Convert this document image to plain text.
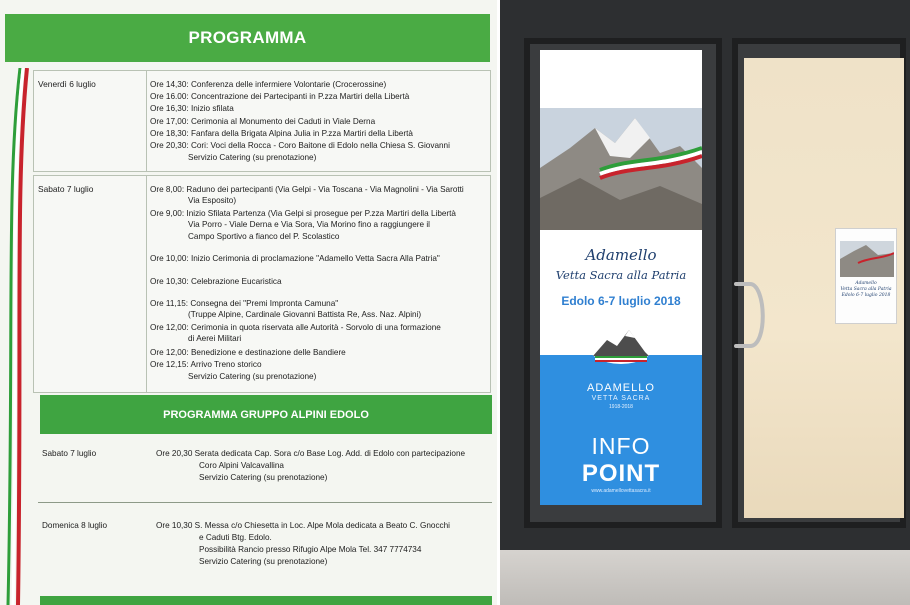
PROGRAMMA
Venerdì 6 luglio	Ore 14,30: Conferenza delle infermiere Volontarie (Crocerossine)
Ore 16.00: Concentrazione dei Partecipanti in P.zza Martiri della Libertà
Ore 16,30: Inizio sfilata
Ore 17,00: Cerimonia al Monumento dei Caduti in Viale Derna
Ore 18,30: Fanfara della Brigata Alpina Julia in P.zza Martiri della Libertà
Ore 20,30: Cori: Voci della Rocca - Coro Baitone di Edolo nella Chiesa S. Giovanni
Servizio Catering (su prenotazione)
Sabato 7 luglio	Ore 8,00: Raduno dei partecipanti (Via Gelpi - Via Toscana - Via Magnolini - Via Sarotti
Via Esposito)
Ore 9,00: Inizio Sfilata Partenza (Via Gelpi si prosegue per P.zza Martiri della Libertà
Via Porro - Viale Derna e Via Sora, Via Morino fino a raggiungere il
Campo Sportivo a fianco del P. Scolastico
Ore 10,00: Inizio Cerimonia di proclamazione "Adamello Vetta Sacra Alla Patria"
Ore 10,30: Celebrazione Eucaristica
Ore 11,15: Consegna dei "Premi Impronta Camuna"
(Truppe Alpine, Cardinale Giovanni Battista Re, Ass. Naz. Alpini)
Ore 12,00: Cerimonia in quota riservata alle Autorità - Sorvolo di una formazione
di Aerei Militari
Ore 12,00: Benedizione e destinazione delle Bandiere
Ore 12,15: Arrivo Treno storico
Servizio Catering (su prenotazione)
PROGRAMMA GRUPPO ALPINI EDOLO
Sabato 7 luglio	Ore 20,30 Serata dedicata Cap. Sora c/o Base Log. Add. di Edolo con partecipazione
Coro Alpini Valcavallina
Servizio Catering (su prenotazione)
Domenica 8 luglio	Ore 10,30 S. Messa c/o Chiesetta in Loc. Alpe Mola dedicata a Beato C. Gnocchi
e Caduti Btg. Edolo.
Possibilità Rancio presso Rifugio Alpe Mola Tel. 347 7774734
Servizio Catering (su prenotazione)
Adamello
Vetta Sacra alla Patria
Edolo 6-7 luglio 2018
ADAMELLO
VETTA SACRA
1918-2018
INFO
POINT
www.adamellovettasacra.it
Adamello
Vetta Sacra alla Patria
Edolo 6-7 luglio 2018
